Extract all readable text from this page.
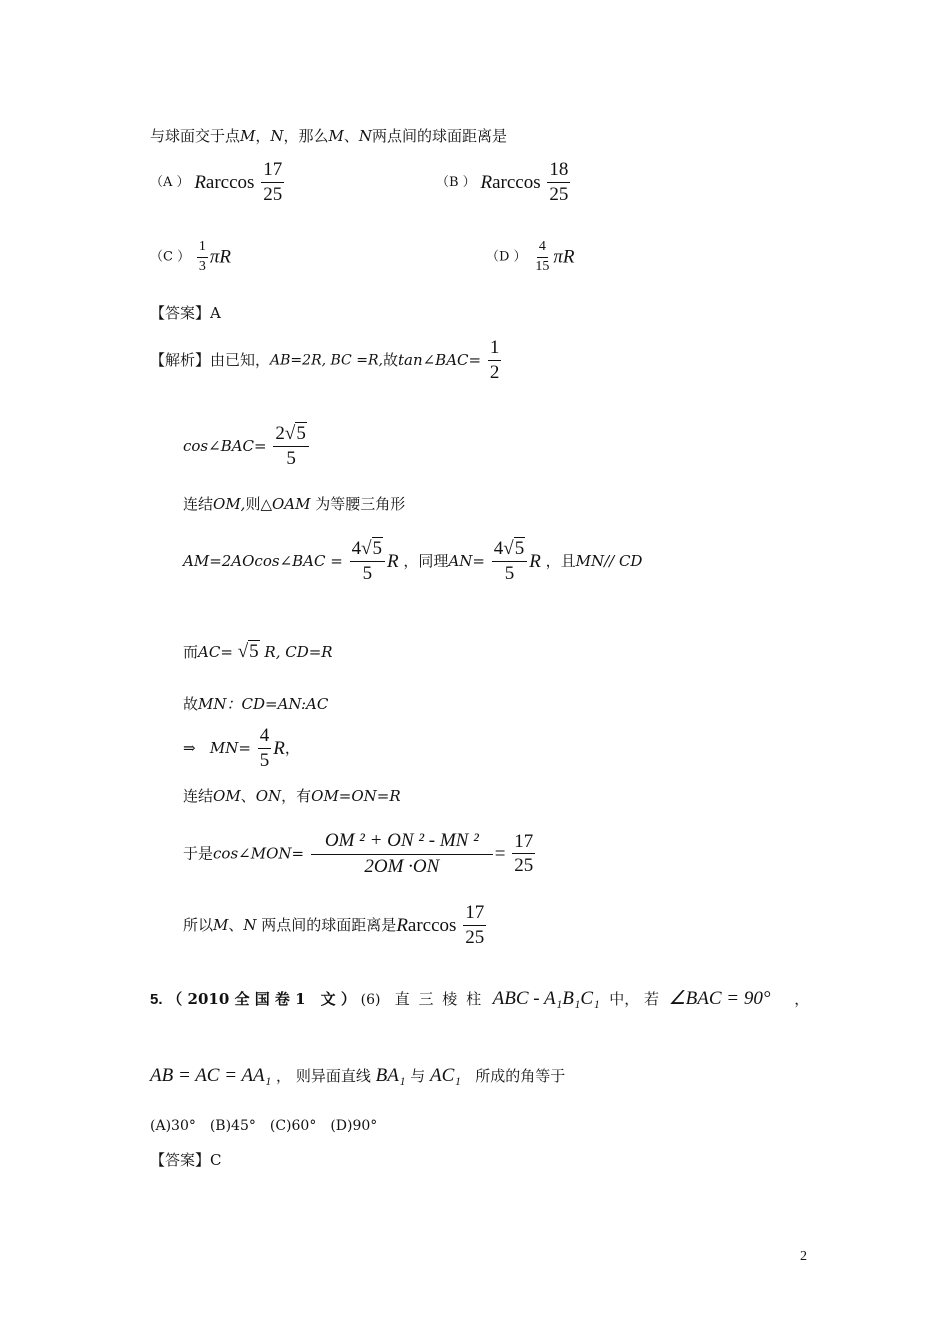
与球面交于点M，N，那么M、N两点间的球面距离是
（A ） Rarccos $\frac{17}{25}$	（B ） Rarccos $\frac{18}{25}$
（C ） $\frac{1}{3}$ πR	（D ） $\frac{4}{15}$ πR
【答案】A
【解析】由已知，AB=2R, BC =R,故tan∠BAC= $\frac{1}{2}$
cos∠BAC= $\frac{2√5}{5}$
连结OM,则△OAM 为等腰三角形
AM=2AOcos∠BAC = $\frac{4√5}{5}$ R ，同理$AN= \frac{4√5}{5}$ R ，且MN// CD
而AC= √5 R, CD=R
故MN：CD=AN:AC
⇒ $MN= \frac{4}{5}$ R，
连结OM、ON，有OM=ON=R
于是cos∠MON= $\frac{\text{OM ² + ON ² - MN ²}}{2OM \cdot ON} = \frac{17}{25}$
所以M、N 两点间的球面距离是Rarccos $\frac{17}{25}$
5. （ 2010 全 国 卷 1　文 ） (6) 直 三 棱 柱 ABC - A₁B₁C₁ 中， 若 ∠BAC = 90° ，
AB = AC = AA₁ ， 则异面直线 BA₁ 与 AC₁ 所成的角等于
(A)30°　(B)45°　(C)60°　(D)90°
【答案】C
2
